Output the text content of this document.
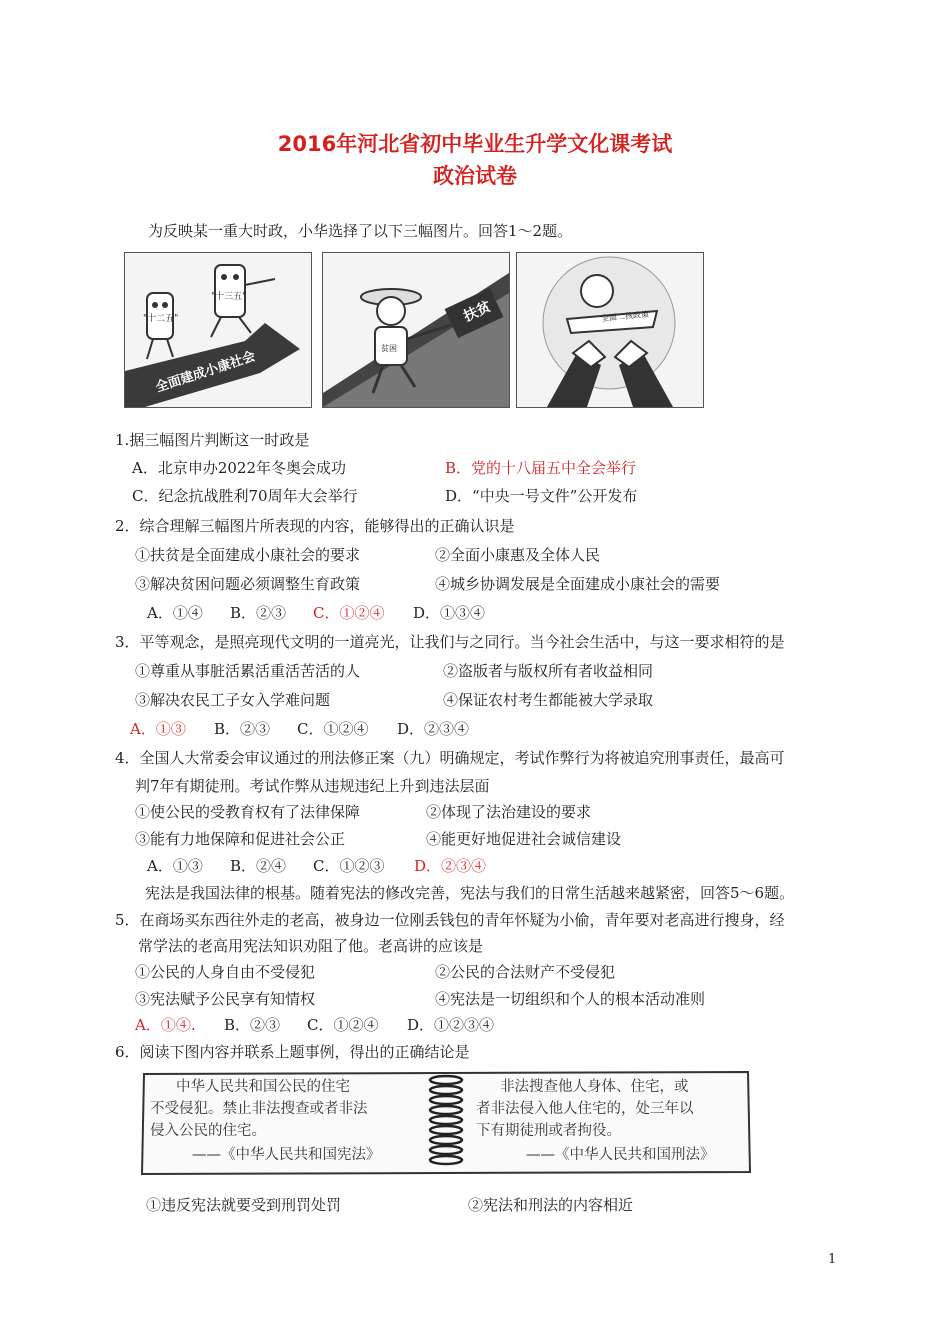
2016年河北省初中毕业生升学文化课考试
政治试卷
为反映某一重大时政，小华选择了以下三幅图片。回答1～2题。
"十二五"
"十三五"
全面建成小康社会
贫困
扶贫	全面二孩政策
1.据三幅图片判断这一时政是
A．北京申办2022年冬奥会成功	B．党的十八届五中全会举行
C．纪念抗战胜利70周年大会举行	D．“中央一号文件”公开发布
2．综合理解三幅图片所表现的内容，能够得出的正确认识是
①扶贫是全面建成小康社会的要求	②全面小康惠及全体人民
③解决贫困问题必须调整生育政策	④城乡协调发展是全面建成小康社会的需要
A．①④ B．②③ C．①②④ D．①③④
3．平等观念，是照亮现代文明的一道亮光，让我们与之同行。当今社会生活中，与这一要求相符的是
①尊重从事脏活累活重活苦活的人	②盗版者与版权所有者收益相同
③解决农民工子女入学难问题	④保证农村考生都能被大学录取
A．①③ B．②③ C．①②④ D．②③④
4．全国人大常委会审议通过的刑法修正案（九）明确规定，考试作弊行为将被追究刑事责任，最高可
判7年有期徒刑。考试作弊从违规违纪上升到违法层面
①使公民的受教育权有了法律保障	②体现了法治建设的要求
③能有力地保障和促进社会公正	④能更好地促进社会诚信建设
A．①③ B．②④ C．①②③ D．②③④
宪法是我国法律的根基。随着宪法的修改完善，宪法与我们的日常生活越来越紧密，回答5～6题。
5．在商场买东西往外走的老高，被身边一位刚丢钱包的青年怀疑为小偷，青年要对老高进行搜身，经
常学法的老高用宪法知识劝阻了他。老高讲的应该是
①公民的人身自由不受侵犯	②公民的合法财产不受侵犯
③宪法赋予公民享有知情权	④宪法是一切组织和个人的根本活动准则
A．①④. B．②③ C．①②④ D．①②③④
6．阅读下图内容并联系上题事例，得出的正确结论是
中华人民共和国公民的住宅
不受侵犯。禁止非法搜查或者非法
侵入公民的住宅。
——《中华人民共和国宪法》
非法搜查他人身体、住宅，或
者非法侵入他人住宅的，处三年以
下有期徒刑或者拘役。
——《中华人民共和国刑法》
①违反宪法就要受到刑罚处罚	②宪法和刑法的内容相近
1
